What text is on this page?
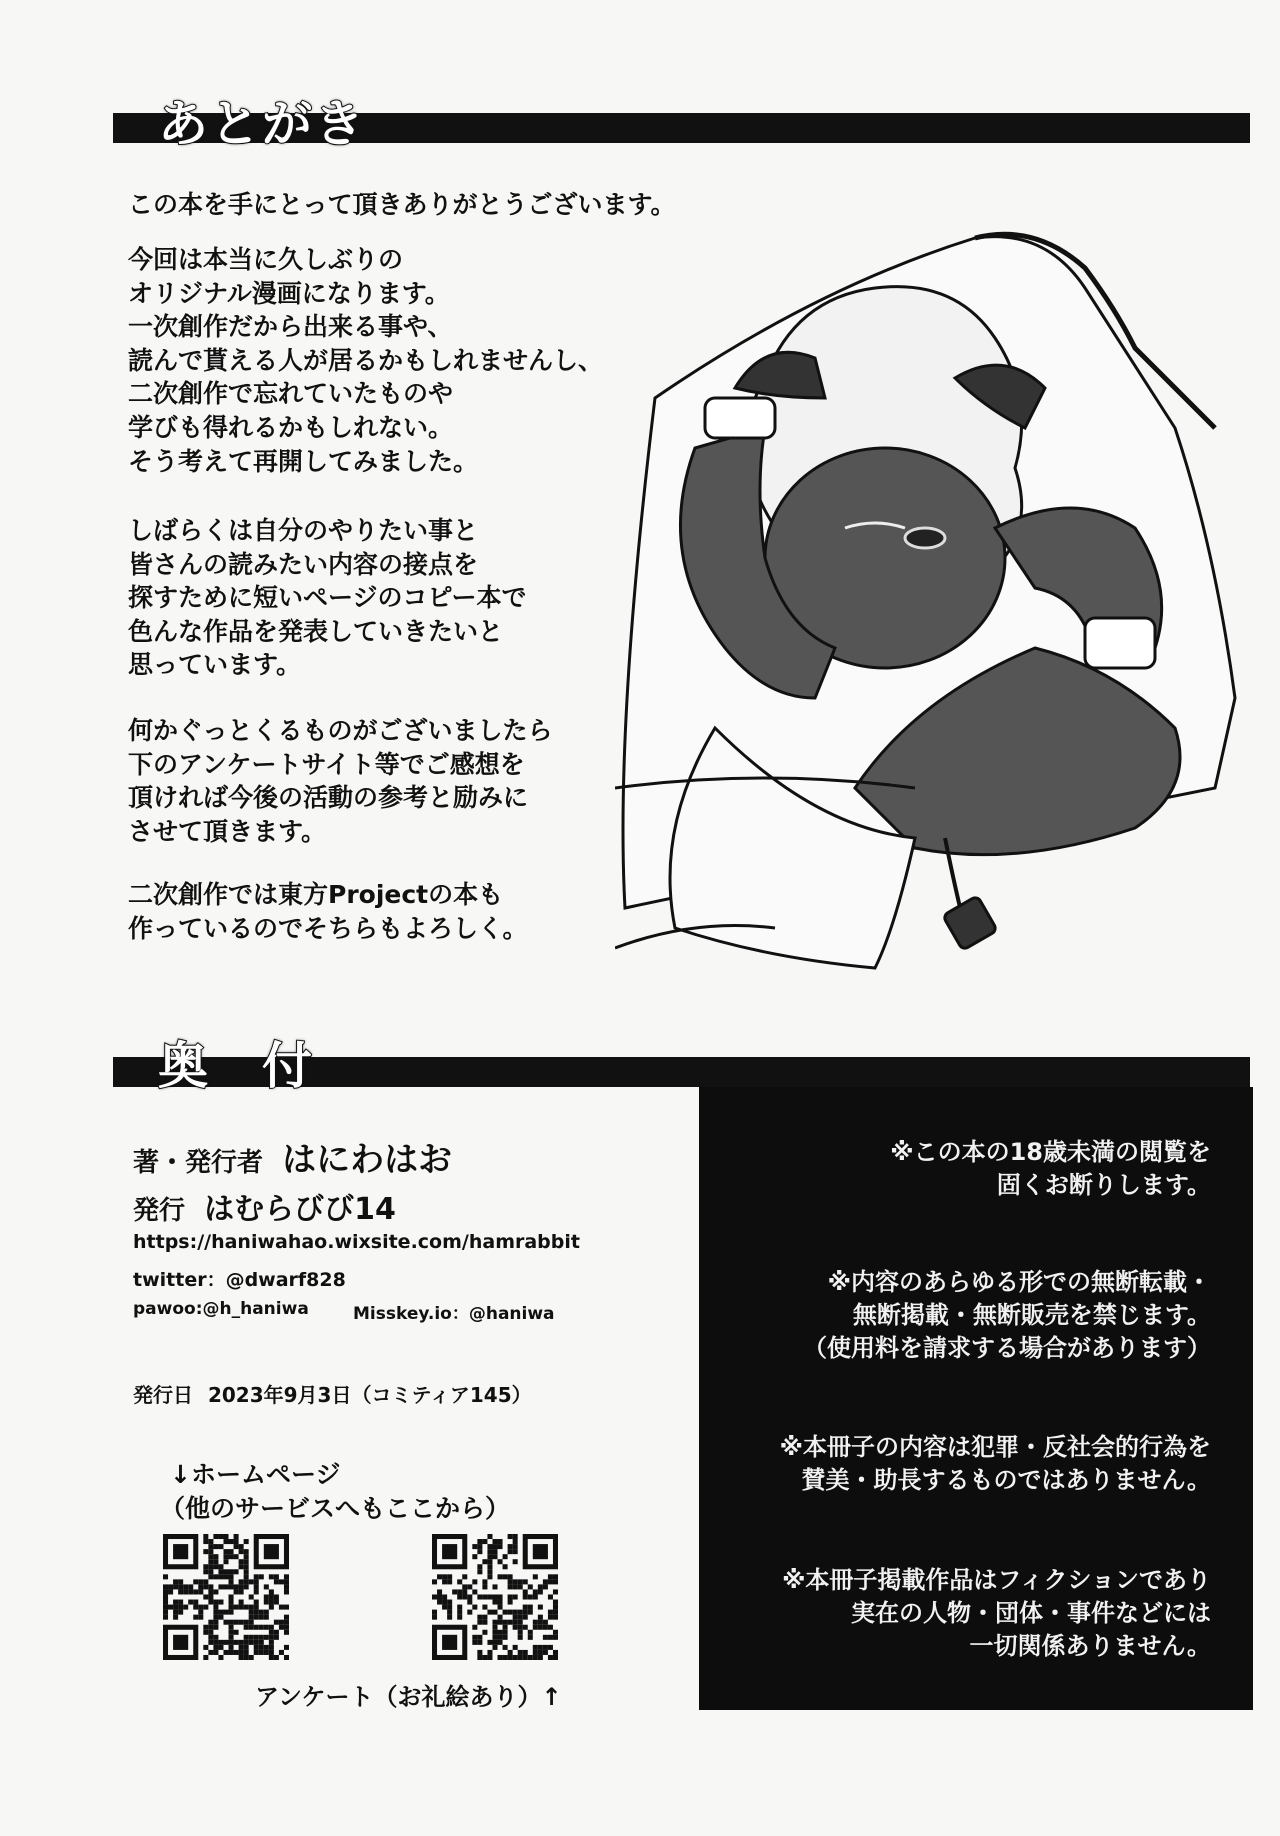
あとがき
この本を手にとって頂きありがとうございます。
今回は本当に久しぶりの
オリジナル漫画になります。
一次創作だから出来る事や、
読んで貰える人が居るかもしれませんし、
二次創作で忘れていたものや
学びも得れるかもしれない。
そう考えて再開してみました。
しばらくは自分のやりたい事と
皆さんの読みたい内容の接点を
探すために短いページのコピー本で
色んな作品を発表していきたいと
思っています。
何かぐっとくるものがございましたら
下のアンケートサイト等でご感想を
頂ければ今後の活動の参考と励みに
させて頂きます。
二次創作では東方Projectの本も
作っているのでそちらもよろしく。
奥　付
著・発行者 はにわはお
発行 はむらびび14
https://haniwahao.wixsite.com/hamrabbit
twitter：@dwarf828
pawoo:@h_haniwa	Misskey.io：@haniwa
発行日 2023年9月3日（コミティア145）
↓ホームページ
（他のサービスへもここから）
アンケート（お礼絵あり）↑
※この本の18歳未満の閲覧を
固くお断りします。
※内容のあらゆる形での無断転載・
無断掲載・無断販売を禁じます。
（使用料を請求する場合があります）
※本冊子の内容は犯罪・反社会的行為を
賛美・助長するものではありません。
※本冊子掲載作品はフィクションであり
実在の人物・団体・事件などには
一切関係ありません。
